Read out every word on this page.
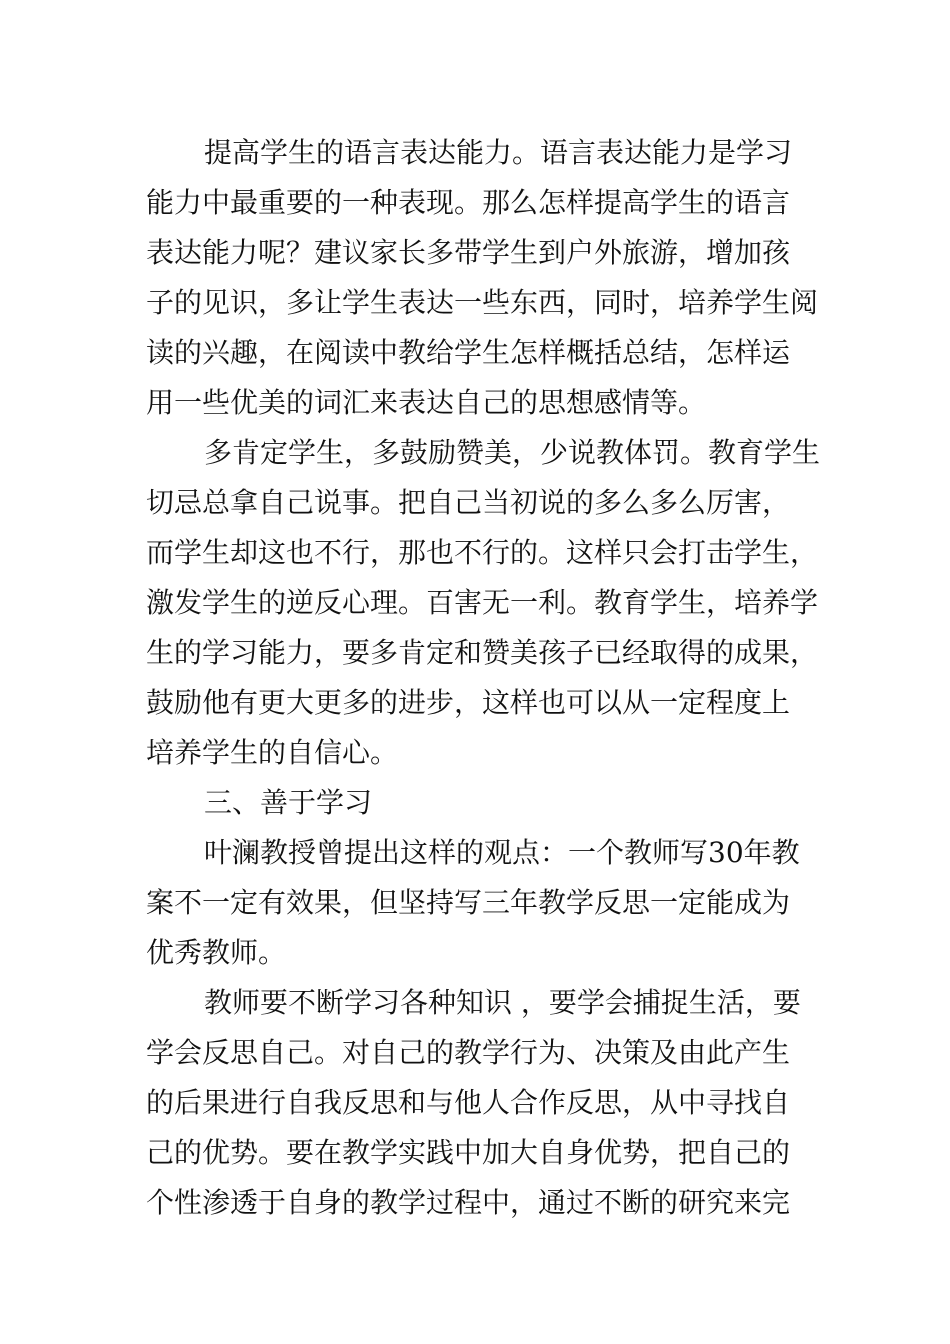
提高学生的语言表达能力。语言表达能力是学习
能力中最重要的一种表现。那么怎样提高学生的语言
表达能力呢？建议家长多带学生到户外旅游，增加孩
子的见识，多让学生表达一些东西，同时，培养学生阅
读的兴趣，在阅读中教给学生怎样概括总结，怎样运
用一些优美的词汇来表达自己的思想感情等。
多肯定学生，多鼓励赞美，少说教体罚。教育学生
切忌总拿自己说事。把自己当初说的多么多么厉害，
而学生却这也不行，那也不行的。这样只会打击学生，
激发学生的逆反心理。百害无一利。教育学生，培养学
生的学习能力，要多肯定和赞美孩子已经取得的成果，
鼓励他有更大更多的进步，这样也可以从一定程度上
培养学生的自信心。
三、善于学习
叶澜教授曾提出这样的观点：一个教师写30年教
案不一定有效果，但坚持写三年教学反思一定能成为
优秀教师。
教师要不断学习各种知识 ，要学会捕捉生活，要
学会反思自己。对自己的教学行为、决策及由此产生
的后果进行自我反思和与他人合作反思，从中寻找自
己的优势。要在教学实践中加大自身优势，把自己的
个性渗透于自身的教学过程中，通过不断的研究来完
